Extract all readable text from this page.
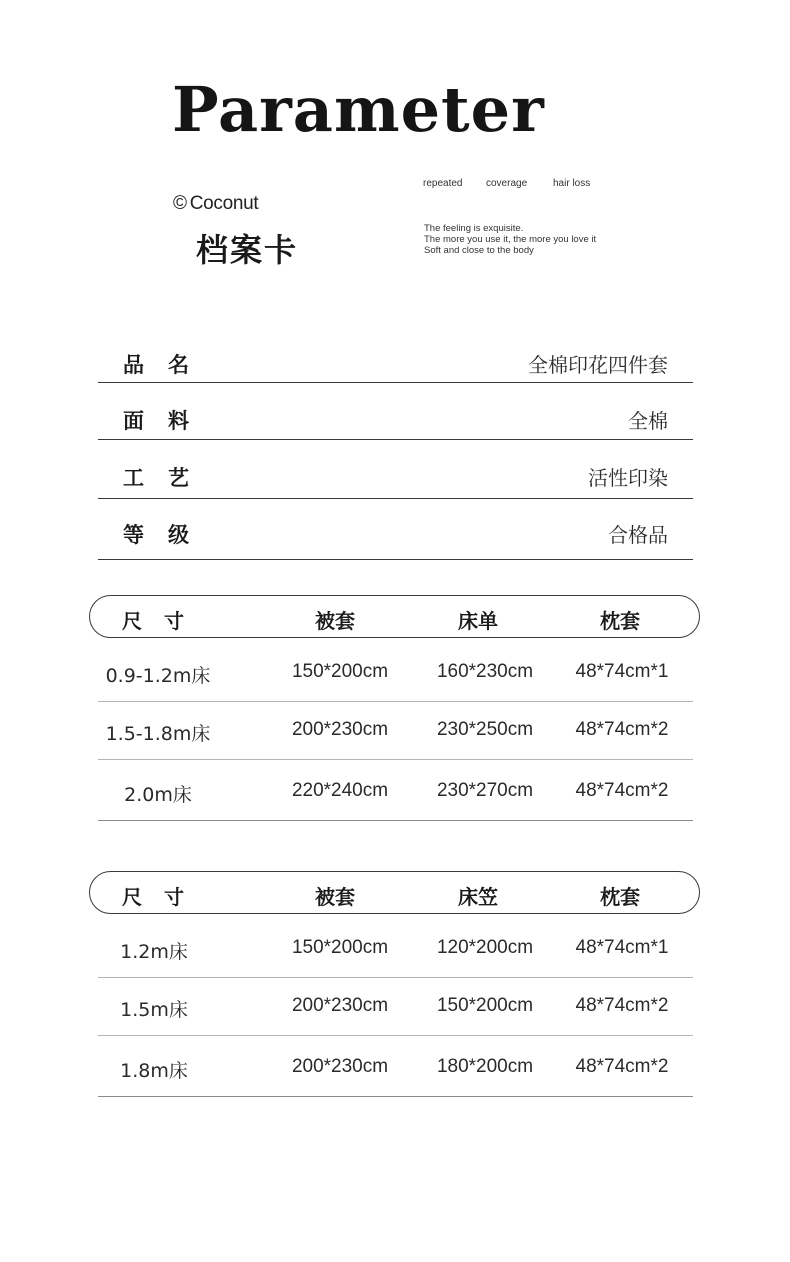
Parameter
© Coconut
档案卡
repeated coverage	hair loss
The feeling is exquisite.
The more you use it, the more you love it
Soft and close to the body
品名	全棉印花四件套
面料	全棉
工艺	活性印染
等级	合格品
尺寸	被套	床单	枕套
0.9-1.2m床	150*200cm	160*230cm	48*74cm*1
1.5-1.8m床	200*230cm	230*250cm	48*74cm*2
2.0m床	220*240cm	230*270cm	48*74cm*2
尺寸	被套	床笠	枕套
1.2m床	150*200cm	120*200cm	48*74cm*1
1.5m床	200*230cm	150*200cm	48*74cm*2
1.8m床	200*230cm	180*200cm	48*74cm*2
